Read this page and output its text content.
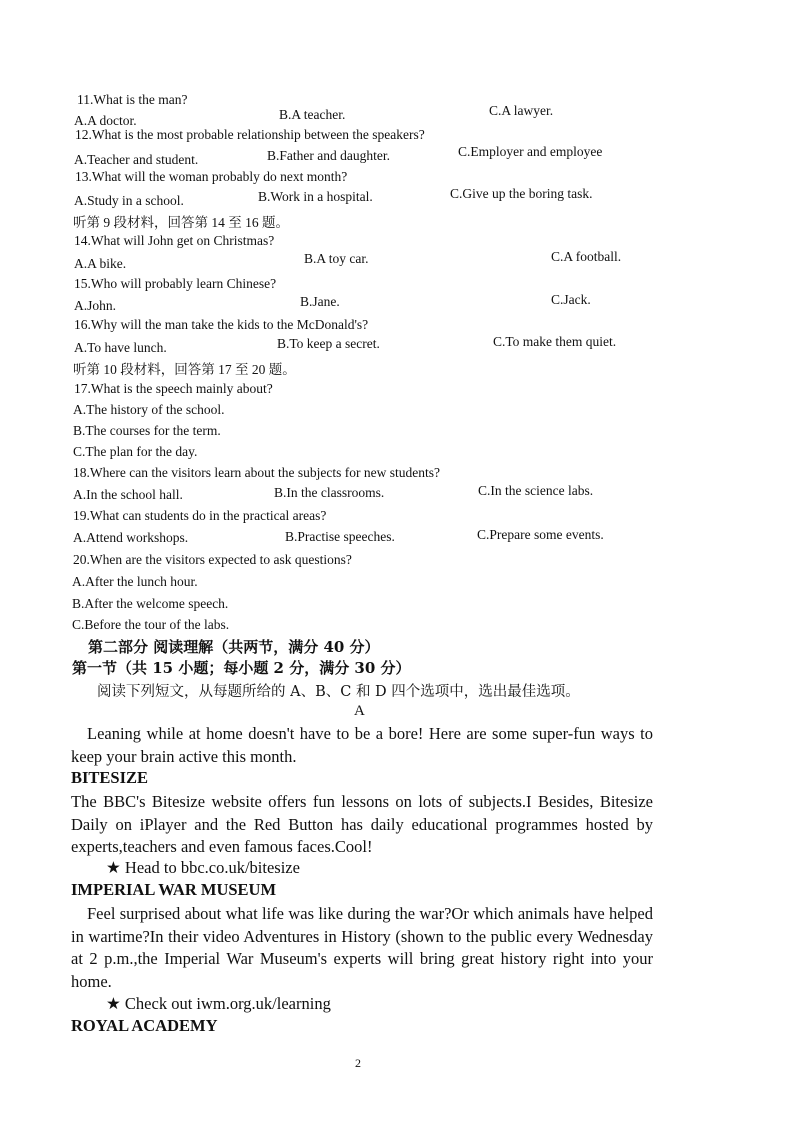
11.What is the man?
A.A doctor.	B.A teacher.	C.A lawyer.
12.What is the most probable relationship between the speakers?
A.Teacher and student.	B.Father and daughter.	C.Employer and employee
13.What will the woman probably do next month?
A.Study in a school.	B.Work in a hospital.	C.Give up the boring task.
听第 9 段材料，回答第 14 至 16 题。
14.What will John get on Christmas?
A.A bike.	B.A toy car.	C.A football.
15.Who will probably learn Chinese?
A.John.	B.Jane.	C.Jack.
16.Why will the man take the kids to the McDonald's?
A.To have lunch.	B.To keep a secret.	C.To make them quiet.
听第 10 段材料，回答第 17 至 20 题。
17.What is the speech mainly about?
A.The history of the school.
B.The courses for the term.
C.The plan for the day.
18.Where can the visitors learn about the subjects for new students?
A.In the school hall.	B.In the classrooms.	C.In the science labs.
19.What can students do in the practical areas?
A.Attend workshops.	B.Practise speeches.	C.Prepare some events.
20.When are the visitors expected to ask questions?
A.After the lunch hour.
B.After the welcome speech.
C.Before the tour of the labs.
第二部分 阅读理解（共两节，满分 40 分）
第一节（共 15 小题；每小题 2 分，满分 30 分）
阅读下列短文，从每题所给的 A、B、C 和 D 四个选项中，选出最佳选项。
A
Leaning while at home doesn't have to be a bore! Here are some super-fun ways to keep your brain active this month.
BITESIZE
The BBC's Bitesize website offers fun lessons on lots of subjects.I Besides, Bitesize Daily on iPlayer and the Red Button has daily educational programmes hosted by experts,teachers and even famous faces.Cool!
★ Head to bbc.co.uk/bitesize
IMPERIAL WAR MUSEUM
Feel surprised about what life was like during the war?Or which animals have helped in wartime?In their video Adventures in History (shown to the public every Wednesday at 2 p.m.,the Imperial War Museum's experts will bring great history right into your home.
★ Check out iwm.org.uk/learning
ROYAL ACADEMY
2
